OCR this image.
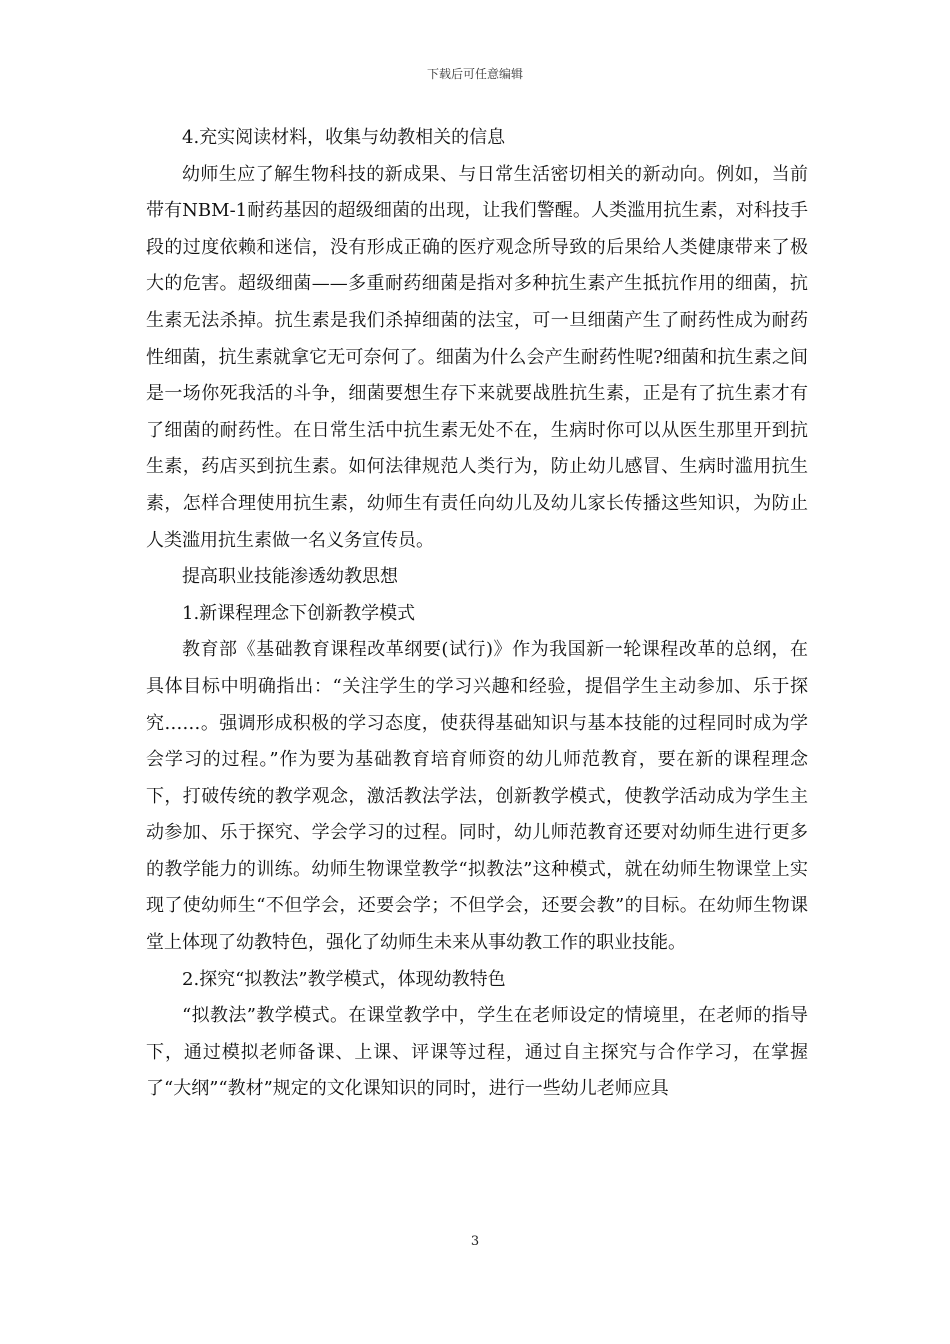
下载后可任意编辑

4.充实阅读材料，收集与幼教相关的信息

幼师生应了解生物科技的新成果、与日常生活密切相关的新动向。例如，当前带有NBM-1耐药基因的超级细菌的出现，让我们警醒。人类滥用抗生素，对科技手段的过度依赖和迷信，没有形成正确的医疗观念所导致的后果给人类健康带来了极大的危害。超级细菌——多重耐药细菌是指对多种抗生素产生抵抗作用的细菌，抗生素无法杀掉。抗生素是我们杀掉细菌的法宝，可一旦细菌产生了耐药性成为耐药性细菌，抗生素就拿它无可奈何了。细菌为什么会产生耐药性呢?细菌和抗生素之间是一场你死我活的斗争，细菌要想生存下来就要战胜抗生素，正是有了抗生素才有了细菌的耐药性。在日常生活中抗生素无处不在，生病时你可以从医生那里开到抗生素，药店买到抗生素。如何法律规范人类行为，防止幼儿感冒、生病时滥用抗生素，怎样合理使用抗生素，幼师生有责任向幼儿及幼儿家长传播这些知识，为防止人类滥用抗生素做一名义务宣传员。

提高职业技能渗透幼教思想

1.新课程理念下创新教学模式

教育部《基础教育课程改革纲要(试行)》作为我国新一轮课程改革的总纲，在具体目标中明确指出：“关注学生的学习兴趣和经验，提倡学生主动参加、乐于探究……。强调形成积极的学习态度，使获得基础知识与基本技能的过程同时成为学会学习的过程。”作为要为基础教育培育师资的幼儿师范教育，要在新的课程理念下，打破传统的教学观念，激活教法学法，创新教学模式，使教学活动成为学生主动参加、乐于探究、学会学习的过程。同时，幼儿师范教育还要对幼师生进行更多的教学能力的训练。幼师生物课堂教学“拟教法”这种模式，就在幼师生物课堂上实现了使幼师生“不但学会，还要会学；不但学会，还要会教”的目标。在幼师生物课堂上体现了幼教特色，强化了幼师生未来从事幼教工作的职业技能。

2.探究“拟教法”教学模式，体现幼教特色

“拟教法”教学模式。在课堂教学中，学生在老师设定的情境里，在老师的指导下，通过模拟老师备课、上课、评课等过程，通过自主探究与合作学习，在掌握了“大纲”“教材”规定的文化课知识的同时，进行一些幼儿老师应具

3
